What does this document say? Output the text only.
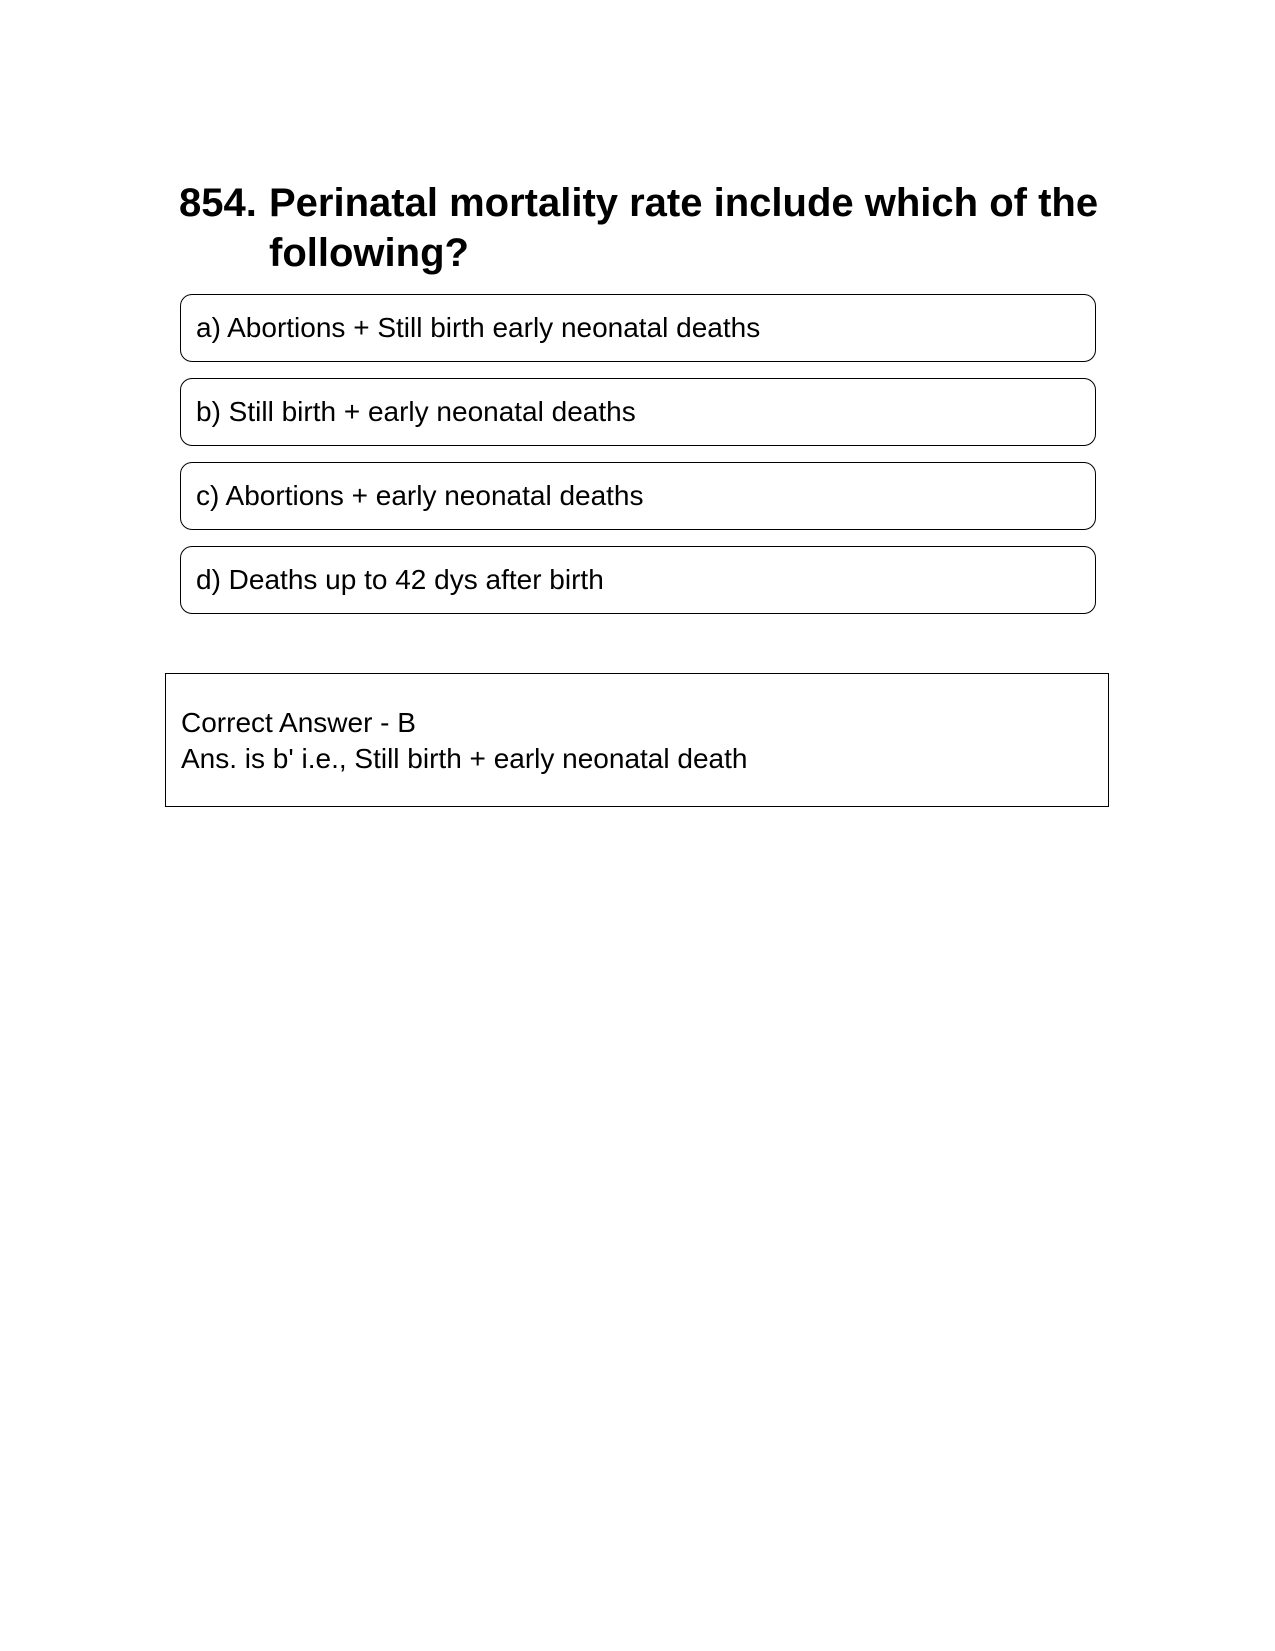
854. Perinatal mortality rate include which of the following?
a) Abortions + Still birth early neonatal deaths
b) Still birth + early neonatal deaths
c) Abortions + early neonatal deaths
d) Deaths up to 42 dys after birth
Correct Answer - B
Ans. is b' i.e., Still birth + early neonatal death
